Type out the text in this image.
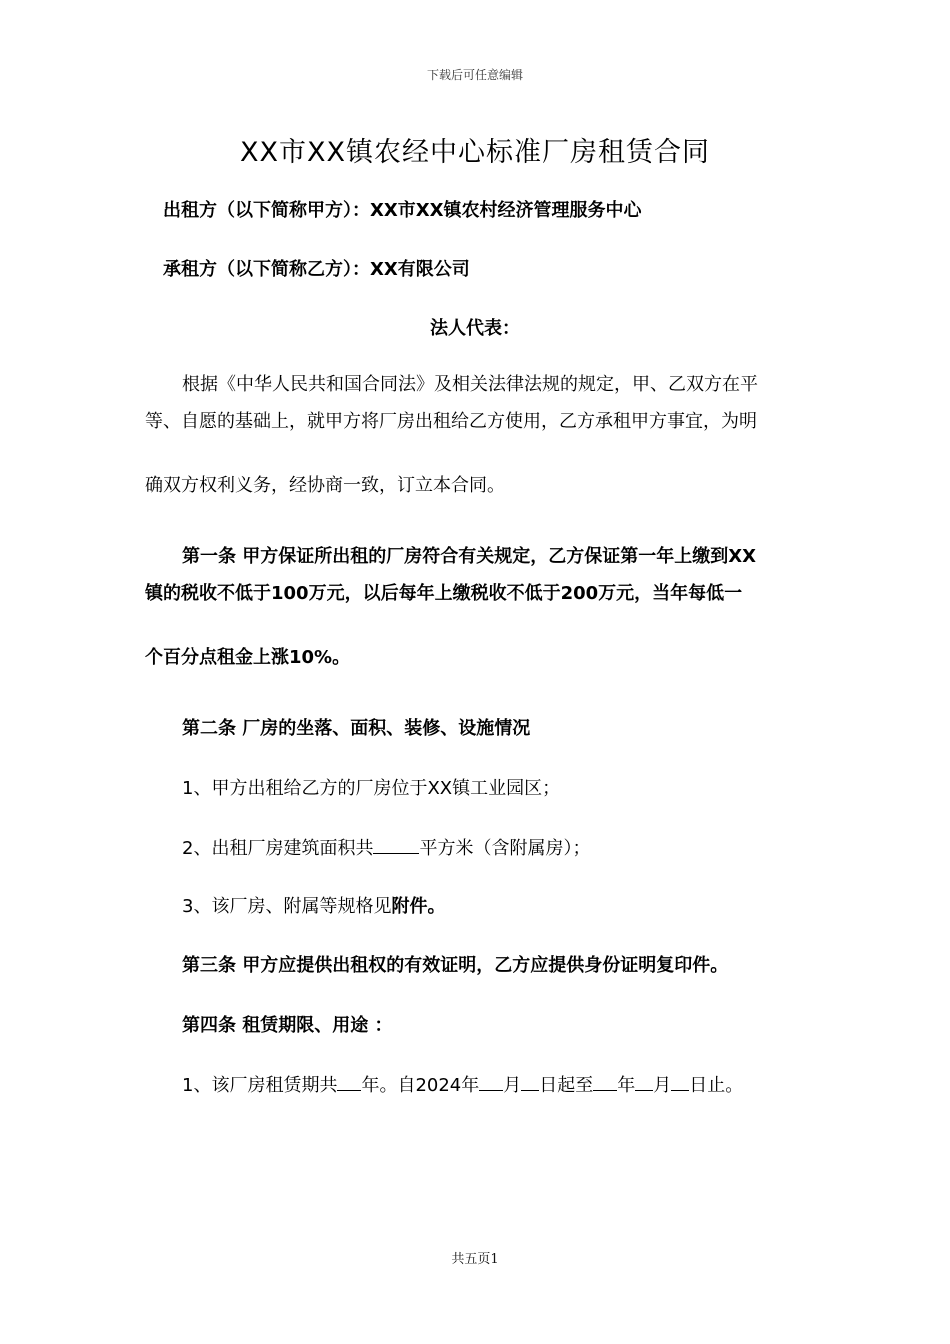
下载后可任意编辑
XX市XX镇农经中心标准厂房租赁合同
出租方（以下简称甲方）：XX市XX镇农村经济管理服务中心
承租方（以下简称乙方）：XX有限公司
法人代表：
根据《中华人民共和国合同法》及相关法律法规的规定，甲、乙双方在平
等、自愿的基础上，就甲方将厂房出租给乙方使用，乙方承租甲方事宜，为明
确双方权利义务，经协商一致，订立本合同。
第一条 甲方保证所出租的厂房符合有关规定，乙方保证第一年上缴到XX
镇的税收不低于100万元，以后每年上缴税收不低于200万元，当年每低一
个百分点租金上涨10%。
第二条 厂房的坐落、面积、装修、设施情况
1、甲方出租给乙方的厂房位于XX镇工业园区；
2、出租厂房建筑面积共	平方米（含附属房）；
3、该厂房、附属等规格见附件。
第三条 甲方应提供出租权的有效证明，乙方应提供身份证明复印件。
第四条 租赁期限、用途 ：
1、该厂房租赁期共 年。自2024年 月 日起至 年 月 日止。
共五页1
